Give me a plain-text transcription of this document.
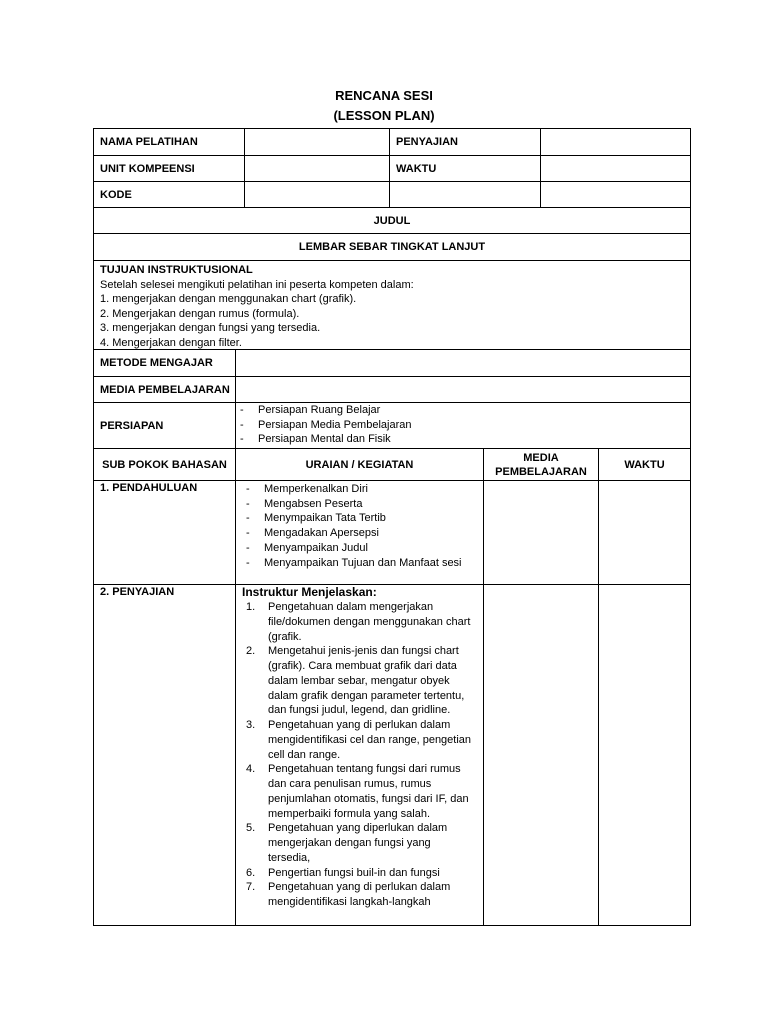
RENCANA SESI
(LESSON PLAN)
NAMA PELATIHAN	PENYAJIAN
UNIT KOMPEENSI	WAKTU
KODE
JUDUL
LEMBAR SEBAR TINGKAT LANJUT
TUJUAN INSTRUKTUSIONAL
Setelah selesei mengikuti pelatihan ini peserta kompeten dalam:
1. mengerjakan dengan menggunakan chart (grafik).
2. Mengerjakan dengan rumus (formula).
3. mengerjakan dengan fungsi yang tersedia.
4. Mengerjakan dengan filter.
METODE MENGAJAR
MEDIA PEMBELAJARAN
PERSIAPAN
- Persiapan Ruang Belajar
- Persiapan Media Pembelajaran
- Persiapan Mental dan Fisik
SUB POKOK BAHASAN	URAIAN / KEGIATAN
MEDIA PEMBELAJARAN
WAKTU
1. PENDAHULUAN
-	Memperkenalkan Diri
- Mengabsen Peserta
- Menympaikan Tata Tertib
- Mengadakan Apersepsi
- Menyampaikan Judul
- Menyampaikan Tujuan dan Manfaat sesi
2. PENYAJIAN	Instruktur Menjelaskan:
1. Pengetahuan dalam mengerjakan file/dokumen dengan menggunakan chart (grafik.
2. Mengetahui jenis-jenis dan fungsi chart (grafik). Cara membuat grafik dari data dalam lembar sebar, mengatur obyek dalam grafik dengan parameter tertentu, dan fungsi judul, legend, dan gridline.
3. Pengetahuan yang di perlukan dalam mengidentifikasi cel dan range, pengetian cell dan range.
4. Pengetahuan tentang fungsi dari rumus dan cara penulisan rumus, rumus penjumlahan otomatis, fungsi dari IF, dan memperbaiki formula yang salah.
5. Pengetahuan yang diperlukan dalam mengerjakan dengan fungsi yang tersedia,
6. Pengertian fungsi buil-in dan fungsi
7. Pengetahuan yang di perlukan dalam mengidentifikasi langkah-langkah
